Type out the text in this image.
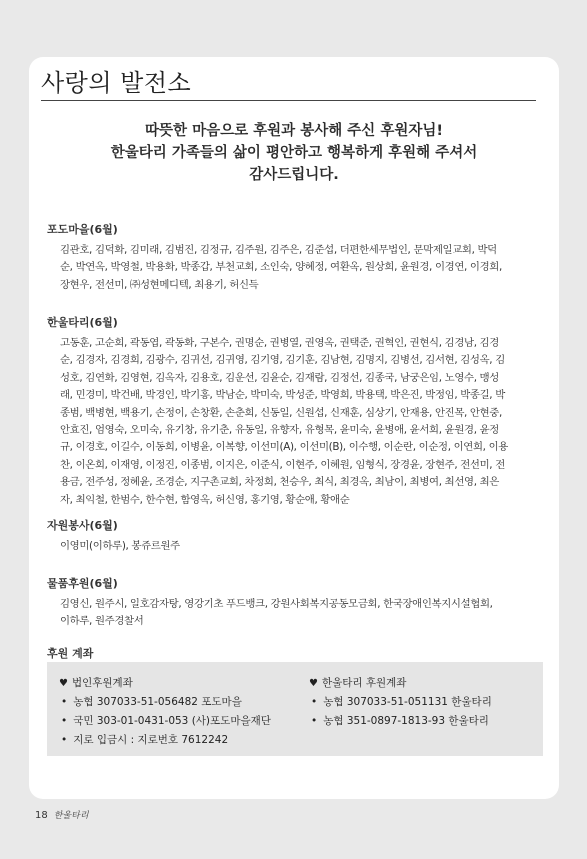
사랑의 발전소
따뜻한 마음으로 후원과 봉사해 주신 후원자님!
한울타리 가족들의 삶이 평안하고 행복하게 후원해 주셔서
감사드립니다.
포도마을(6월)
김관호, 김덕화, 김미래, 김범진, 김정규, 김주원, 김주은, 김준섭, 더편한세무법인, 문막제일교회, 박덕
순, 박연옥, 박영철, 박용화, 박종갑, 부천교회, 소인숙, 양혜정, 여환옥, 원상희, 윤원경, 이경연, 이경희,
장현우, 전선미, ㈜성현메디텍, 최용기, 허신득
한울타리(6월)
고동훈, 고순희, 곽동엽, 곽동화, 구본수, 권명순, 권병열, 권영옥, 권택준, 권혁인, 권현식, 김경남, 김경
순, 김경자, 김경희, 김광수, 김귀선, 김귀영, 김기영, 김기훈, 김남현, 김명지, 김병선, 김서현, 김성옥, 김
성호, 김연화, 김영현, 김옥자, 김용호, 김운선, 김윤순, 김재람, 김정선, 김종국, 남궁은임, 노영수, 맹성
래, 민경미, 박건배, 박경인, 박기홍, 박남순, 박미숙, 박성준, 박영희, 박용택, 박은진, 박정임, 박종길, 박
종범, 백병현, 백용기, 손정이, 손창환, 손춘희, 신동일, 신원섭, 신재훈, 심상기, 안재용, 안진목, 안현중,
안효진, 엄영숙, 오미숙, 유기창, 유기춘, 유동일, 유향자, 유형목, 윤미숙, 윤병애, 윤서희, 윤원경, 윤정
규, 이경호, 이길수, 이동희, 이병윤, 이복향, 이선미(A), 이선미(B), 이수행, 이순란, 이순정, 이연희, 이용
찬, 이온희, 이재영, 이정진, 이종범, 이지은, 이준식, 이현주, 이혜원, 임형식, 장경윤, 장현주, 전선미, 전
용금, 전주성, 정혜윤, 조경순, 지구촌교회, 차정희, 천승우, 최식, 최경옥, 최남이, 최병여, 최선영, 최은
자, 최익철, 한범수, 한수현, 함영옥, 허신영, 홍기영, 황순애, 황애순
자원봉사(6월)
이영미(이하루), 봉쥬르원주
물품후원(6월)
김영신, 원주시, 일호감자탕, 영강기초 푸드뱅크, 강원사회복지공동모금회, 한국장애인복지시설협회,
이하루, 원주경찰서
후원 계좌
♥ 법인후원계좌
• 농협 307033-51-056482 포도마을
• 국민 303-01-0431-053 (사)포도마을재단
• 지로 입금시 : 지로번호 7612242
♥ 한울타리 후원계좌
• 농협 307033-51-051131 한울타리
• 농협 351-0897-1813-93 한울타리
18 한울타리
